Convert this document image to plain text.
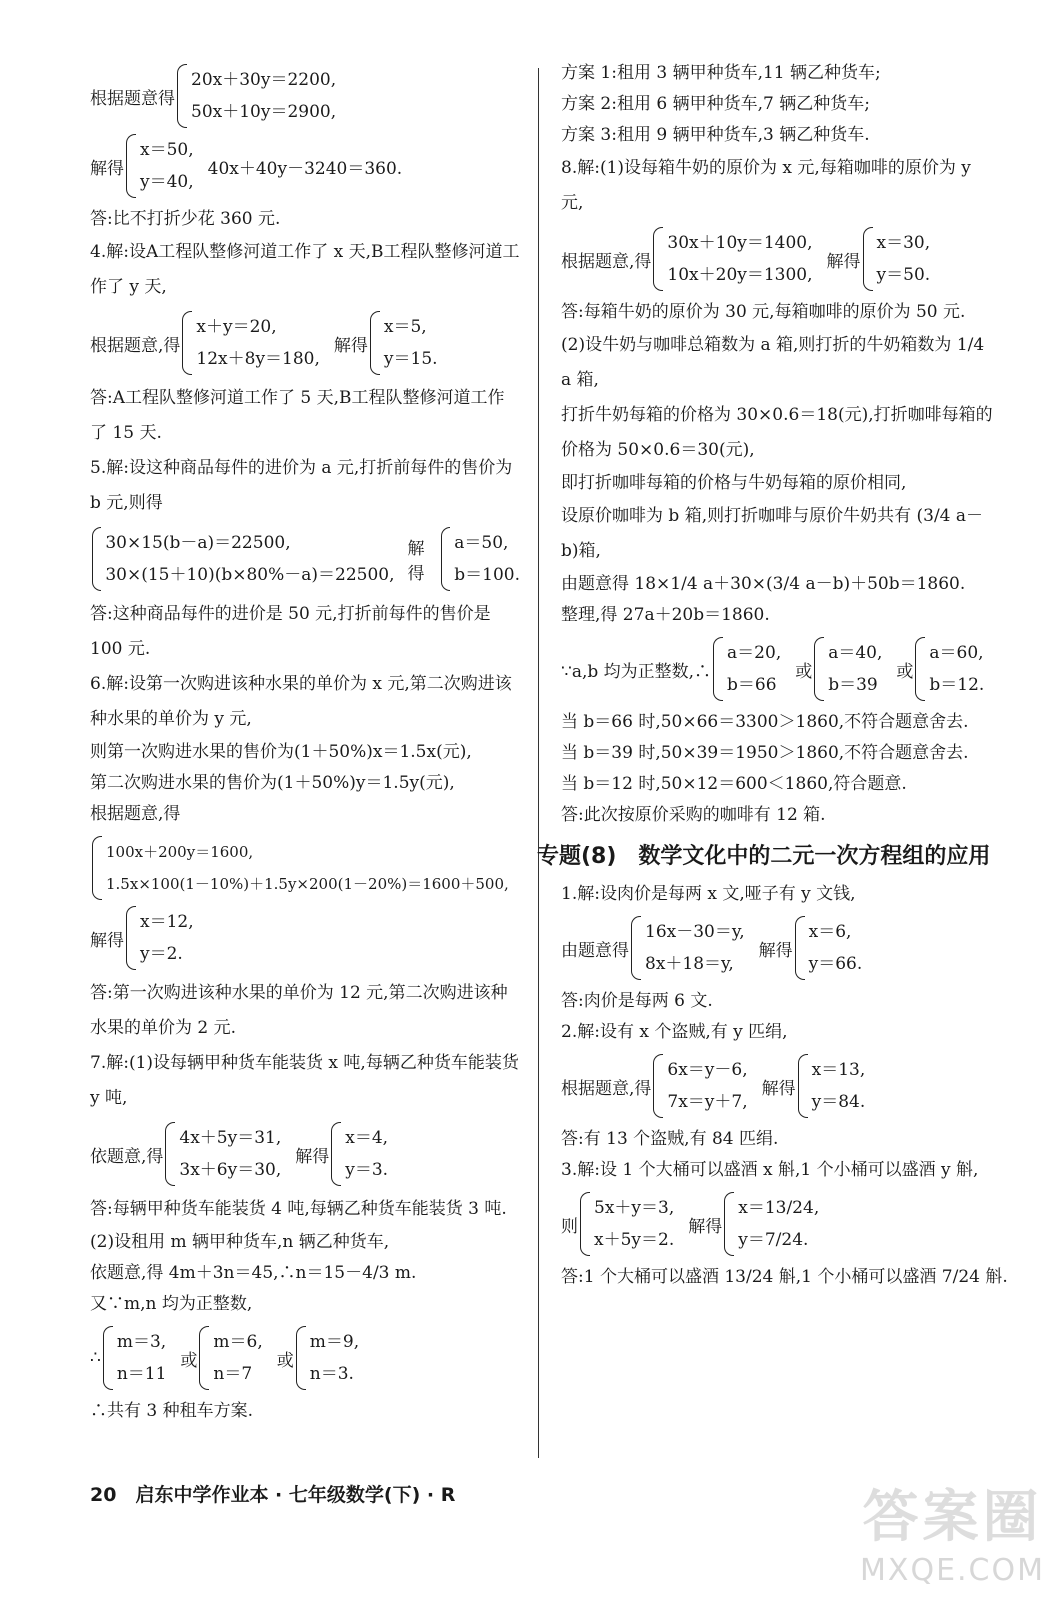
根据题意得
20x＋30y＝2200,
50x＋10y＝2900,
解得
x＝50,
y＝40,
40x＋40y－3240＝360.
答:比不打折少花 360 元.
4.解:设A工程队整修河道工作了 x 天,B工程队整修河道工作了 y 天,
根据题意,得
x＋y＝20,
12x＋8y＝180,
解得
x＝5,
y＝15.
答:A工程队整修河道工作了 5 天,B工程队整修河道工作了 15 天.
5.解:设这种商品每件的进价为 a 元,打折前每件的售价为 b 元,则得
30×15(b－a)＝22500,
30×(15＋10)(b×80%－a)＝22500,
解得
a＝50,
b＝100.
答:这种商品每件的进价是 50 元,打折前每件的售价是 100 元.
6.解:设第一次购进该种水果的单价为 x 元,第二次购进该种水果的单价为 y 元,
则第一次购进水果的售价为(1＋50%)x＝1.5x(元),
第二次购进水果的售价为(1＋50%)y＝1.5y(元),
根据题意,得
100x＋200y＝1600,
1.5x×100(1－10%)＋1.5y×200(1－20%)＝1600＋500,
解得
x＝12,
y＝2.
答:第一次购进该种水果的单价为 12 元,第二次购进该种水果的单价为 2 元.
7.解:(1)设每辆甲种货车能装货 x 吨,每辆乙种货车能装货 y 吨,
依题意,得
4x＋5y＝31,
3x＋6y＝30,
解得
x＝4,
y＝3.
答:每辆甲种货车能装货 4 吨,每辆乙种货车能装货 3 吨.
(2)设租用 m 辆甲种货车,n 辆乙种货车,
依题意,得 4m＋3n＝45,∴n＝15－4/3 m.
又∵m,n 均为正整数,
∴
m＝3,
n＝11
或
m＝6,
n＝7
或
m＝9,
n＝3.
∴共有 3 种租车方案.
方案 1:租用 3 辆甲种货车,11 辆乙种货车;
方案 2:租用 6 辆甲种货车,7 辆乙种货车;
方案 3:租用 9 辆甲种货车,3 辆乙种货车.
8.解:(1)设每箱牛奶的原价为 x 元,每箱咖啡的原价为 y 元,
根据题意,得
30x＋10y＝1400,
10x＋20y＝1300,
解得
x＝30,
y＝50.
答:每箱牛奶的原价为 30 元,每箱咖啡的原价为 50 元.
(2)设牛奶与咖啡总箱数为 a 箱,则打折的牛奶箱数为 1/4 a 箱,
打折牛奶每箱的价格为 30×0.6＝18(元),打折咖啡每箱的价格为 50×0.6＝30(元),
即打折咖啡每箱的价格与牛奶每箱的原价相同,
设原价咖啡为 b 箱,则打折咖啡与原价牛奶共有 (3/4 a－b)箱,
由题意得 18×1/4 a＋30×(3/4 a－b)＋50b＝1860.
整理,得 27a＋20b＝1860.
∵a,b 均为正整数,∴
a＝20,
b＝66
或
a＝40,
b＝39
或
a＝60,
b＝12.
当 b＝66 时,50×66＝3300＞1860,不符合题意舍去.
当 b＝39 时,50×39＝1950＞1860,不符合题意舍去.
当 b＝12 时,50×12＝600＜1860,符合题意.
答:此次按原价采购的咖啡有 12 箱.
专题(8)　数学文化中的二元一次方程组的应用
1.解:设肉价是每两 x 文,哑子有 y 文钱,
由题意得
16x－30＝y,
8x＋18＝y,
解得
x＝6,
y＝66.
答:肉价是每两 6 文.
2.解:设有 x 个盗贼,有 y 匹绢,
根据题意,得
6x＝y－6,
7x＝y＋7,
解得
x＝13,
y＝84.
答:有 13 个盗贼,有 84 匹绢.
3.解:设 1 个大桶可以盛酒 x 斛,1 个小桶可以盛酒 y 斛,
则
5x＋y＝3,
x＋5y＝2.
解得
x＝13/24,
y＝7/24.
答:1 个大桶可以盛酒 13/24 斛,1 个小桶可以盛酒 7/24 斛.
20　启东中学作业本 · 七年级数学(下) · R	答案圈
MXQE.COM
